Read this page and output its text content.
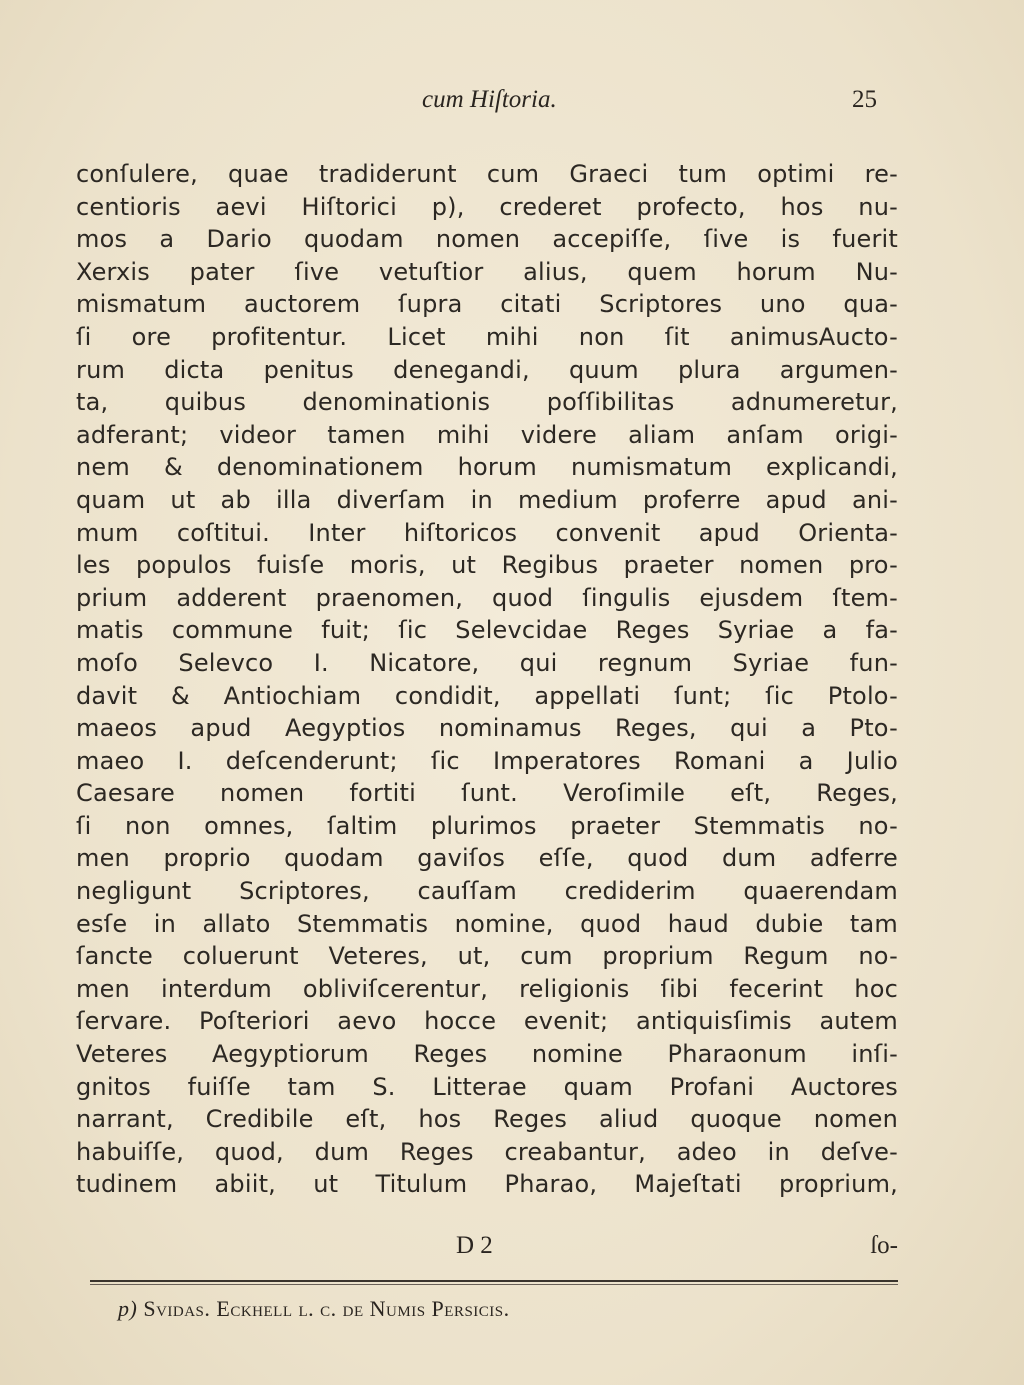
cum Hiſtoria.	25
conſulere, quae tradiderunt cum Graeci tum optimi re-
centioris aevi Hiſtorici p), crederet profecto, hos nu-
mos a Dario quodam nomen accepiſſe, ſive is fuerit
Xerxis pater ſive vetuſtior alius, quem horum Nu-
mismatum auctorem ſupra citati Scriptores uno qua-
ſi ore profitentur. Licet mihi non ſit animusAucto-
rum dicta penitus denegandi, quum plura argumen-
ta, quibus denominationis poſſibilitas adnumeretur,
adferant; videor tamen mihi videre aliam anſam origi-
nem & denominationem horum numismatum explicandi,
quam ut ab illa diverſam in medium proferre apud ani-
mum coſtitui. Inter hiſtoricos convenit apud Orienta-
les populos fuisſe moris, ut Regibus praeter nomen pro-
prium adderent praenomen, quod ſingulis ejusdem ſtem-
matis commune fuit; ſic Selevcidae Reges Syriae a fa-
moſo Selevco I. Nicatore, qui regnum Syriae fun-
davit & Antiochiam condidit, appellati ſunt; ſic Ptolo-
maeos apud Aegyptios nominamus Reges, qui a Pto-
maeo I. deſcenderunt; ſic Imperatores Romani a Julio
Caesare nomen fortiti ſunt. Veroſimile eſt, Reges,
ſi non omnes, ſaltim plurimos praeter Stemmatis no-
men proprio quodam gaviſos eſſe, quod dum adferre
negligunt Scriptores, cauſſam crediderim quaerendam
esſe in allato Stemmatis nomine, quod haud dubie tam
ſancte coluerunt Veteres, ut, cum proprium Regum no-
men interdum obliviſcerentur, religionis ſibi fecerint hoc
ſervare. Poſteriori aevo hocce evenit; antiquisſimis autem
Veteres Aegyptiorum Reges nomine Pharaonum inſi-
gnitos fuiſſe tam S. Litterae quam Profani Auctores
narrant, Credibile eſt, hos Reges aliud quoque nomen
habuiſſe, quod, dum Reges creabantur, adeo in deſve-
tudinem abiit, ut Titulum Pharao, Majeſtati proprium,
D 2	ſo-
p) Svidas. Eckhell l. c. de Numis Perſicis.
